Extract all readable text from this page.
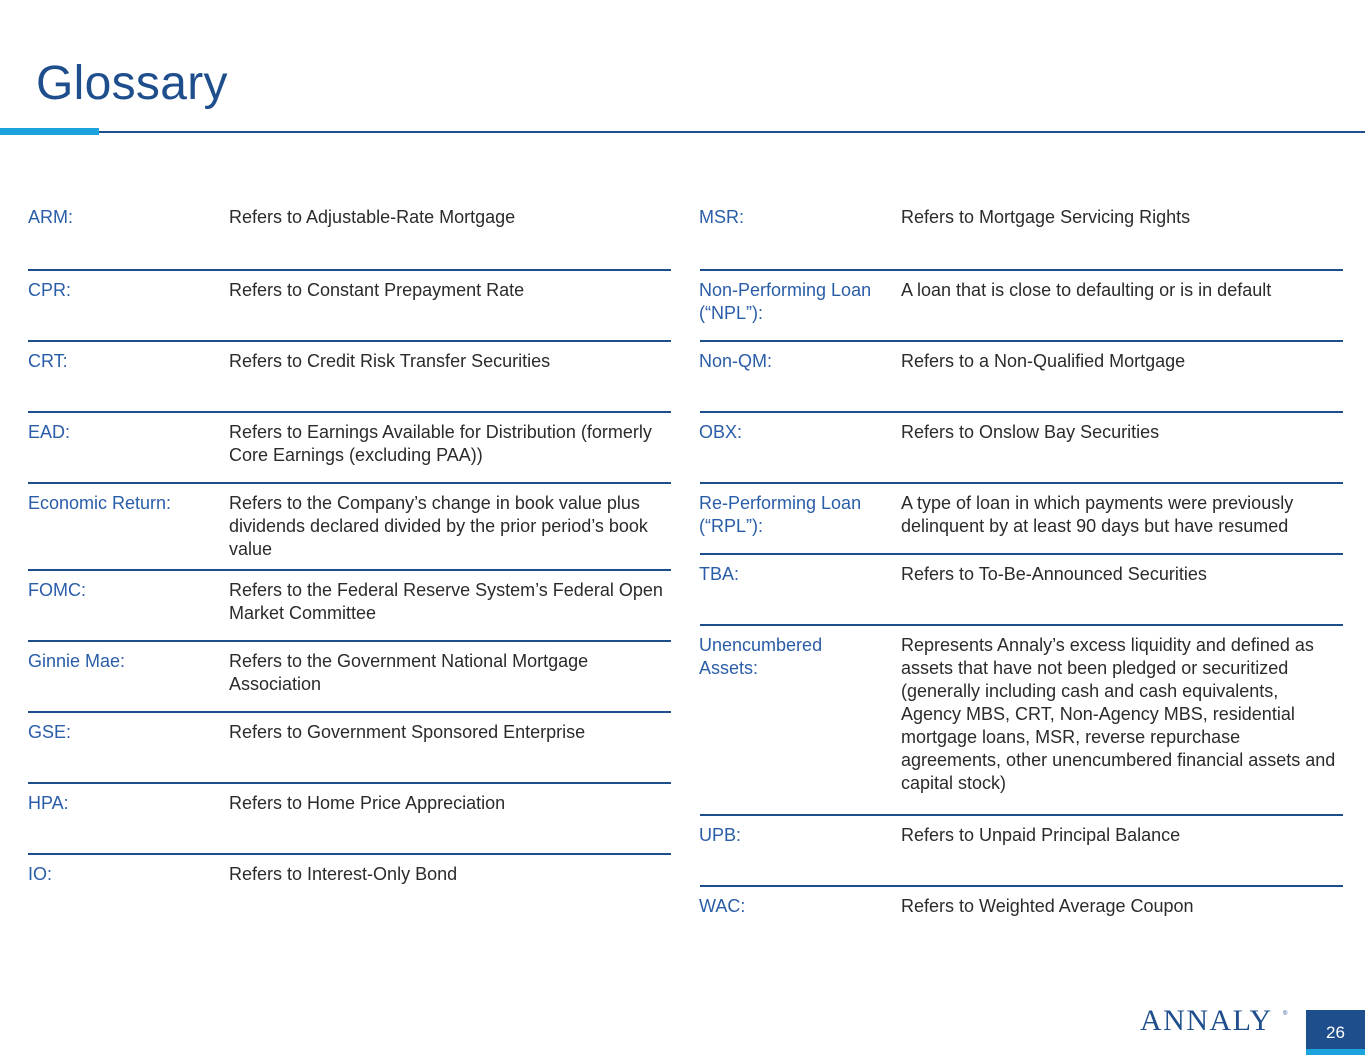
Glossary
ARM:	Refers to Adjustable-Rate Mortgage
CPR:	Refers to Constant Prepayment Rate
CRT:	Refers to Credit Risk Transfer Securities
EAD:	Refers to Earnings Available for Distribution (formerly Core Earnings (excluding PAA))
Economic Return:	Refers to the Company’s change in book value plus dividends declared divided by the prior period’s book value
FOMC:	Refers to the Federal Reserve System’s Federal Open Market Committee
Ginnie Mae:	Refers to the Government National Mortgage Association
GSE:	Refers to Government Sponsored Enterprise
HPA:	Refers to Home Price Appreciation
IO:	Refers to Interest-Only Bond
MSR:	Refers to Mortgage Servicing Rights
Non-Performing Loan (“NPL”):
A loan that is close to defaulting or is in default
Non-QM:	Refers to a Non-Qualified Mortgage
OBX:	Refers to Onslow Bay Securities
Re-Performing Loan (“RPL”):
A type of loan in which payments were previously delinquent by at least 90 days but have resumed
TBA:	Refers to To-Be-Announced Securities
Unencumbered Assets:
Represents Annaly’s excess liquidity and defined as assets that have not been pledged or securitized (generally including cash and cash equivalents, Agency MBS, CRT, Non-Agency MBS, residential mortgage loans, MSR, reverse repurchase agreements, other unencumbered financial assets and capital stock)
UPB:	Refers to Unpaid Principal Balance
WAC:	Refers to Weighted Average Coupon
ANNALY ®
26
